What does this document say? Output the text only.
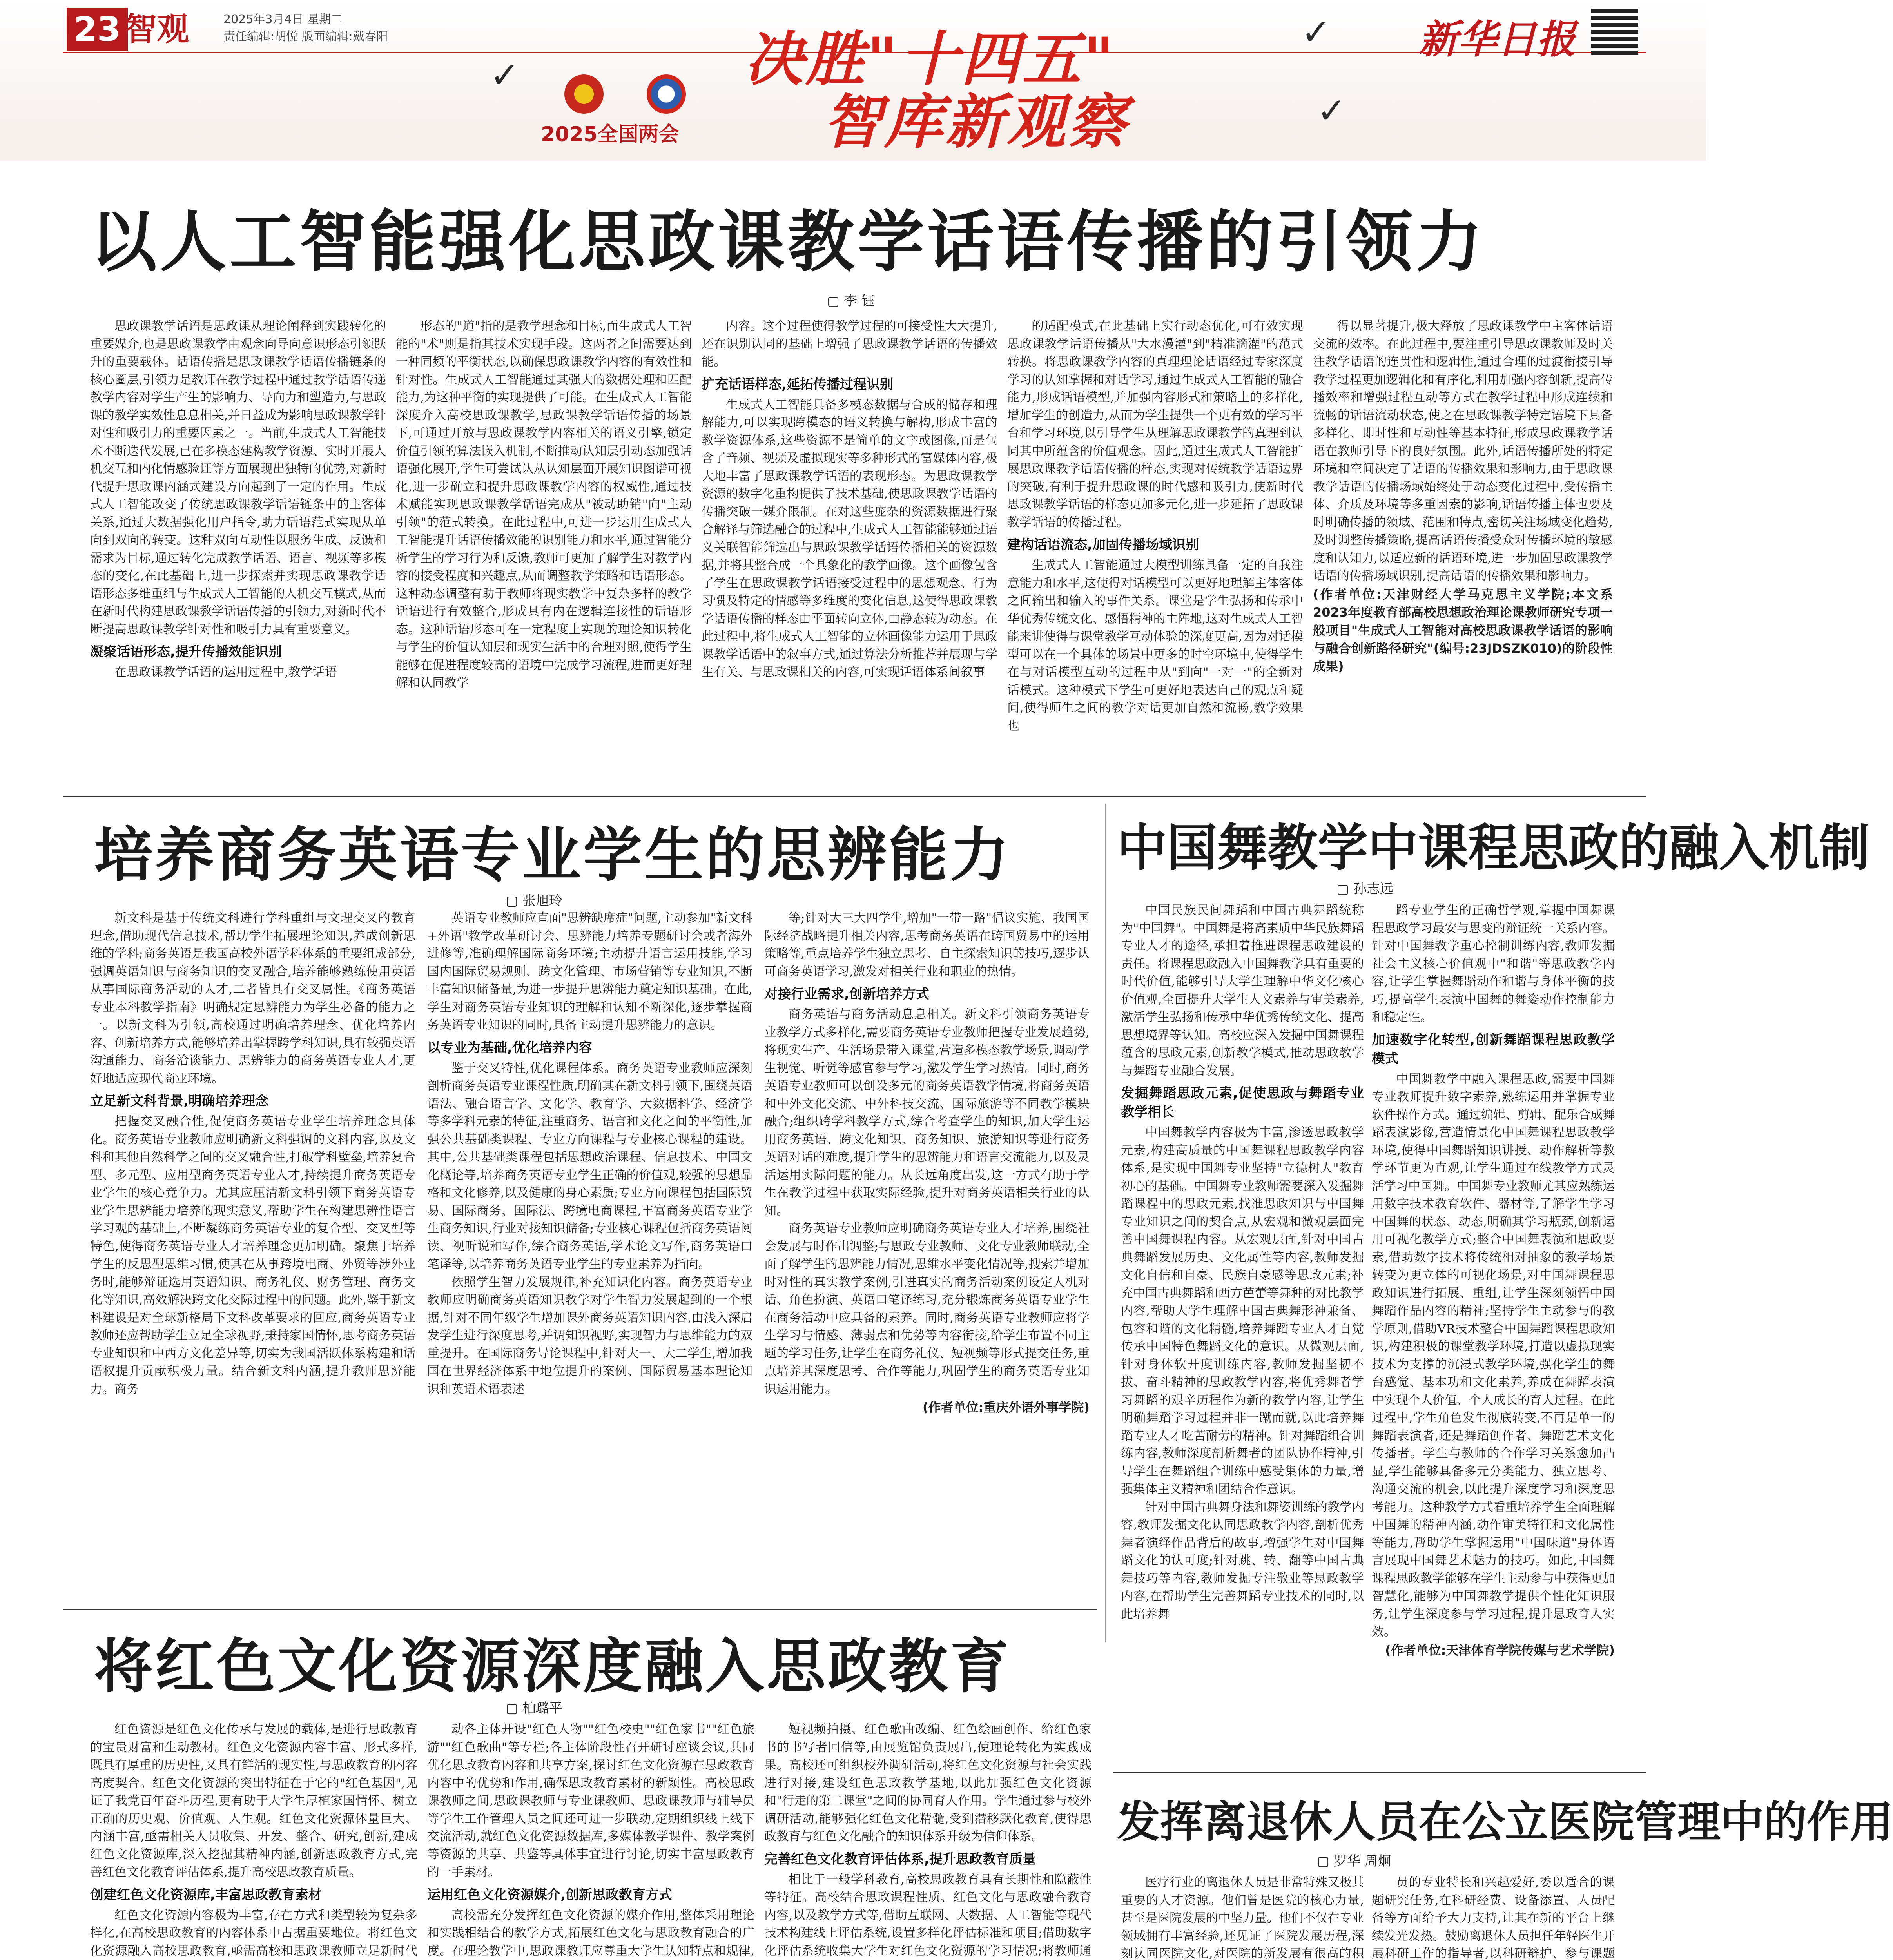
23 智观	2025年3月4日 星期二
责任编辑:胡悦 版面编辑:戴春阳
✓
2025全国两会
决胜"十四五"
智库新观察
✓
✓
新华日报
以人工智能强化思政课教学话语传播的引领力
▢ 李 钰

思政课教学话语是思政课从理论阐释到实践转化的重要媒介,也是思政课教学由观念向导向意识形态引领跃升的重要载体。话语传播是思政课教学话语传播链条的核心圈层,引领力是教师在教学过程中通过教学话语传递教学内容对学生产生的影响力、导向力和塑造力,与思政课的教学实效性息息相关,并日益成为影响思政课教学针对性和吸引力的重要因素之一。当前,生成式人工智能技术不断迭代发展,已在多模态建构教学资源、实时开展人机交互和内化情感验证等方面展现出独特的优势,对新时代提升思政课内涵式建设方向起到了一定的作用。生成式人工智能改变了传统思政课教学话语链条中的主客体关系,通过大数据强化用户指令,助力话语范式实现从单向到双向的转变。这种双向互动性以服务生成、反馈和需求为目标,通过转化完成教学话语、语言、视频等多模态的变化,在此基础上,进一步探索并实现思政课教学话语形态多维重组与生成式人工智能的人机交互模式,从而在新时代构建思政课教学话语传播的引领力,对新时代不断提高思政课教学针对性和吸引力具有重要意义。

凝聚话语形态,提升传播效能识别

在思政课教学话语的运用过程中,教学话语

形态的"道"指的是教学理念和目标,而生成式人工智能的"术"则是指其技术实现手段。这两者之间需要达到一种同频的平衡状态,以确保思政课教学内容的有效性和针对性。生成式人工智能通过其强大的数据处理和匹配能力,为这种平衡的实现提供了可能。在生成式人工智能深度介入高校思政课教学,思政课教学话语传播的场景下,可通过开放与思政课教学内容相关的语义引擎,锁定价值引领的算法嵌入机制,不断推动认知层引动态加强话语强化展开,学生可尝试认从认知层面开展知识图谱可视化,进一步确立和提升思政课教学内容的权威性,通过技术赋能实现思政课教学话语完成从"被动助销"向"主动引领"的范式转换。在此过程中,可进一步运用生成式人工智能提升话语传播效能的识别能力和水平,通过智能分析学生的学习行为和反馈,教师可更加了解学生对教学内容的接受程度和兴趣点,从而调整教学策略和话语形态。这种动态调整有助于教师将现实教学中复杂多样的教学话语进行有效整合,形成具有内在逻辑连接性的话语形态。这种话语形态可在一定程度上实现的理论知识转化与学生的价值认知层和现实生活中的合理对照,使得学生能够在促进程度较高的语境中完成学习流程,进而更好理解和认同教学

内容。这个过程使得教学过程的可接受性大大提升,还在识别认同的基础上增强了思政课教学话语的传播效能。

扩充话语样态,延拓传播过程识别

生成式人工智能具备多模态数据与合成的储存和理解能力,可以实现跨模态的语义转换与解构,形成丰富的教学资源体系,这些资源不是简单的文字或图像,而是包含了音频、视频及虚拟现实等多种形式的富媒体内容,极大地丰富了思政课教学话语的表现形态。为思政课教学资源的数字化重构提供了技术基础,使思政课教学话语的传播突破一媒介限制。在对这些庞杂的资源数据进行聚合解译与筛选融合的过程中,生成式人工智能能够通过语义关联智能筛选出与思政课教学话语传播相关的资源数据,并将其整合成一个具象化的教学画像。这个画像包含了学生在思政课教学话语接受过程中的思想观念、行为习惯及特定的情感等多维度的变化信息,这使得思政课教学话语传播的样态由平面转向立体,由静态转为动态。在此过程中,将生成式人工智能的立体画像能力运用于思政课教学话语中的叙事方式,通过算法分析推荐并展现与学生有关、与思政课相关的内容,可实现话语体系间叙事

的适配模式,在此基础上实行动态优化,可有效实现思政课教学话语传播从"大水漫灌"到"精准滴灌"的范式转换。将思政课教学内容的真理理论话语经过专家深度学习的认知掌握和对话学习,通过生成式人工智能的融合能力,形成话语模型,并加强内容形式和策略上的多样化,增加学生的创造力,从而为学生提供一个更有效的学习平台和学习环境,以引导学生从理解思政课教学的真理到认同其中所蕴含的价值观念。因此,通过生成式人工智能扩展思政课教学话语传播的样态,实现对传统教学话语边界的突破,有利于提升思政课的时代感和吸引力,使新时代思政课教学话语的样态更加多元化,进一步延拓了思政课教学话语的传播过程。

建构话语流态,加固传播场域识别

生成式人工智能通过大模型训练具备一定的自我注意能力和水平,这使得对话模型可以更好地理解主体客体之间输出和输入的事件关系。课堂是学生弘扬和传承中华优秀传统文化、感悟精神的主阵地,这对生成式人工智能来讲使得与课堂教学互动体验的深度更高,因为对话模型可以在一个具体的场景中更多的时空环境中,使得学生在与对话模型互动的过程中从"到向"一对一"的全新对话模式。这种模式下学生可更好地表达自己的观点和疑问,使得师生之间的教学对话更加自然和流畅,教学效果也

得以显著提升,极大释放了思政课教学中主客体话语交流的效率。在此过程中,要注重引导思政课教师及时关注教学话语的连贯性和逻辑性,通过合理的过渡衔接引导教学过程更加逻辑化和有序化,利用加强内容创新,提高传播效率和增强过程互动等方式在教学过程中形成连续和流畅的话语流动状态,使之在思政课教学特定语境下具备多样化、即时性和互动性等基本特征,形成思政课教学话语在教师引导下的良好氛围。此外,话语传播所处的特定环境和空间决定了话语的传播效果和影响力,由于思政课教学话语的传播场域始终处于动态变化过程中,受传播主体、介质及环境等多重因素的影响,话语传播主体也要及时明确传播的领域、范围和特点,密切关注场域变化趋势,及时调整传播策略,提高话语传播受众对传播环境的敏感度和认知力,以适应新的话语环境,进一步加固思政课教学话语的传播场域识别,提高话语的传播效果和影响力。

(作者单位:天津财经大学马克思主义学院;本文系2023年度教育部高校思想政治理论课教师研究专项一般项目"生成式人工智能对高校思政课教学话语的影响与融合创新路径研究"(编号:23JDSZK010)的阶段性成果)
培养商务英语专业学生的思辨能力
▢ 张旭玲

新文科是基于传统文科进行学科重组与文理交叉的教育理念,借助现代信息技术,帮助学生拓展理论知识,养成创新思维的学科;商务英语是我国高校外语学科体系的重要组成部分,强调英语知识与商务知识的交叉融合,培养能够熟练使用英语从事国际商务活动的人才,二者皆具有交叉属性。《商务英语专业本科教学指南》明确规定思辨能力为学生必备的能力之一。以新文科为引领,高校通过明确培养理念、优化培养内容、创新培养方式,能够培养出掌握跨学科知识,具有较强英语沟通能力、商务洽谈能力、思辨能力的商务英语专业人才,更好地适应现代商业环境。

立足新文科背景,明确培养理念

把握交叉融合性,促使商务英语专业学生培养理念具体化。商务英语专业教师应明确新文科强调的文科内容,以及文科和其他自然科学之间的交叉融合性,打破学科壁垒,培养复合型、多元型、应用型商务英语专业人才,持续提升商务英语专业学生的核心竞争力。尤其应厘清新文科引领下商务英语专业学生思辨能力培养的现实意义,帮助学生在构建思辨性语言学习观的基础上,不断凝练商务英语专业的复合型、交叉型等特色,使得商务英语专业人才培养理念更加明确。聚焦于培养学生的反思型思维习惯,使其在从事跨境电商、外贸等涉外业务时,能够辩证选用英语知识、商务礼仪、财务管理、商务文化等知识,高效解决跨文化交际过程中的问题。此外,鉴于新文科建设是对全球新格局下文科改革要求的回应,商务英语专业教师还应帮助学生立足全球视野,秉持家国情怀,思考商务英语专业知识和中西方文化差异等,切实为我国活跃体系构建和话语权提升贡献积极力量。结合新文科内涵,提升教师思辨能力。商务

英语专业教师应直面"思辨缺席症"问题,主动参加"新文科+外语"教学改革研讨会、思辨能力培养专题研讨会或者海外进修等,准确理解国际商务环境;主动提升语言运用技能,学习国内国际贸易规则、跨文化管理、市场营销等专业知识,不断丰富知识储备量,为进一步提升思辨能力奠定知识基础。在此,学生对商务英语专业知识的理解和认知不断深化,逐步掌握商务英语专业知识的同时,具备主动提升思辨能力的意识。

以专业为基础,优化培养内容

鉴于交叉特性,优化课程体系。商务英语专业教师应深刻剖析商务英语专业课程性质,明确其在新文科引领下,围绕英语语法、融合语言学、文化学、教育学、大数据科学、经济学等多学科元素的特征,注重商务、语言和文化之间的平衡性,加强公共基础类课程、专业方向课程与专业核心课程的建设。其中,公共基础类课程包括思想政治课程、信息技术、中国文化概论等,培养商务英语专业学生正确的价值观,较强的思想品格和文化修养,以及健康的身心素质;专业方向课程包括国际贸易、国际商务、国际法、跨境电商课程,丰富商务英语专业学生商务知识,行业对接知识储备;专业核心课程包括商务英语阅读、视听说和写作,综合商务英语,学术论文写作,商务英语口笔译等,以培养商务英语专业学生的专业素养为指向。

依照学生智力发展规律,补充知识化内容。商务英语专业教师应明确商务英语知识教学对学生智力发展起到的一个根据,针对不同年级学生增加课外商务英语知识内容,由浅入深启发学生进行深度思考,并调知识视野,实现智力与思维能力的双重提升。在国际商务导论课程中,针对大一、大二学生,增加我国在世界经济体系中地位提升的案例、国际贸易基本理论知识和英语术语表述

等;针对大三大四学生,增加"一带一路"倡议实施、我国国际经济战略提升相关内容,思考商务英语在跨国贸易中的运用策略等,重点培养学生独立思考、自主探索知识的技巧,逐步认可商务英语学习,激发对相关行业和职业的热情。

对接行业需求,创新培养方式

商务英语与商务活动息息相关。新文科引领商务英语专业教学方式多样化,需要商务英语专业教师把握专业发展趋势,将现实生产、生活场景带入课堂,营造多模态教学场景,调动学生视觉、听觉等感官参与学习,激发学生学习热情。同时,商务英语专业教师可以创设多元的商务英语教学情境,将商务英语和中外文化交流、中外科技交流、国际旅游等不同教学模块融合;组织跨学科教学方式,综合考查学生的知识,加大学生运用商务英语、跨文化知识、商务知识、旅游知识等进行商务英语对话的难度,提升学生的思辨能力和语言交流能力,以及灵活运用实际问题的能力。从长远角度出发,这一方式有助于学生在教学过程中获取实际经验,提升对商务英语相关行业的认知。

商务英语专业教师应明确商务英语专业人才培养,围绕社会发展与时作出调整;与思政专业教师、文化专业教师联动,全面了解学生的思辨能力情况,思维水平变化情况等,搜索并增加时对性的真实教学案例,引进真实的商务活动案例设定人机对话、角色扮演、英语口笔译练习,充分锻炼商务英语专业学生在商务活动中应具备的素养。同时,商务英语专业教师应将学生学习与情感、薄弱点和优势等内容衔接,给学生布置不同主题的学习任务,让学生在商务礼仪、短视频等形式提交任务,重点培养其深度思考、合作等能力,巩固学生的商务英语专业知识运用能力。

(作者单位:重庆外语外事学院)
中国舞教学中课程思政的融入机制
▢ 孙志远

中国民族民间舞蹈和中国古典舞蹈统称为"中国舞"。中国舞是将高素质中华民族舞蹈专业人才的途径,承担着推进课程思政建设的责任。将课程思政融入中国舞教学具有重要的时代价值,能够引导大学生理解中华文化核心价值观,全面提升大学生人文素养与审美素养,激活学生弘扬和传承中华优秀传统文化、提高思想境界等认知。高校应深入发掘中国舞课程蕴含的思政元素,创新教学模式,推动思政教学与舞蹈专业融合发展。

发掘舞蹈思政元素,促使思政与舞蹈专业教学相长

中国舞教学内容极为丰富,渗透思政教学元素,构建高质量的中国舞课程思政教学内容体系,是实现中国舞专业坚持"立德树人"教育初心的基础。中国舞专业教师需要深入发掘舞蹈课程中的思政元素,找准思政知识与中国舞专业知识之间的契合点,从宏观和微观层面完善中国舞课程内容。从宏观层面,针对中国古典舞蹈发展历史、文化属性等内容,教师发掘文化自信和自豪、民族自豪感等思政元素;补充中国古典舞蹈和西方芭蕾等舞种的对比教学内容,帮助大学生理解中国古典舞形神兼备、包容和谐的文化精髓,培养舞蹈专业人才自觉传承中国特色舞蹈文化的意识。从微观层面,针对身体软开度训练内容,教师发掘坚韧不拔、奋斗精神的思政教学内容,将优秀舞者学习舞蹈的艰辛历程作为新的教学内容,让学生明确舞蹈学习过程并非一蹴而就,以此培养舞蹈专业人才吃苦耐劳的精神。针对舞蹈组合训练内容,教师深度剖析舞者的团队协作精神,引导学生在舞蹈组合训练中感受集体的力量,增强集体主义精神和团结合作意识。

针对中国古典舞身法和舞姿训练的教学内容,教师发掘文化认同思政教学内容,剖析优秀舞者演绎作品背后的故事,增强学生对中国舞蹈文化的认可度;针对跳、转、翻等中国古典舞技巧等内容,教师发掘专注敬业等思政教学内容,在帮助学生完善舞蹈专业技术的同时,以此培养舞

蹈专业学生的正确哲学观,掌握中国舞课程思政学习最安与思变的辩证统一关系内容。针对中国舞教学重心控制训练内容,教师发掘社会主义核心价值观中"和谐"等思政教学内容,让学生掌握舞蹈动作和谐与身体平衡的技巧,提高学生表演中国舞的舞姿动作控制能力和稳定性。

加速数字化转型,创新舞蹈课程思政教学模式

中国舞教学中融入课程思政,需要中国舞专业教师提升数字素养,熟练运用并掌握专业软件操作方式。通过编辑、剪辑、配乐合成舞蹈表演影像,营造情景化中国舞课程思政教学环境,使得中国舞蹈知识讲授、动作解析等教学环节更为直观,让学生通过在线教学方式灵活学习中国舞。中国舞专业教师尤其应熟练运用数字技术教育软件、器材等,了解学生学习中国舞的状态、动态,明确其学习瓶颈,创新运用可视化教学方式;整合中国舞表演和思政要素,借助数字技术将传统相对抽象的教学场景转变为更立体的可视化场景,对中国舞课程思政知识进行拓展、重组,让学生深刻领悟中国舞蹈作品内容的精神;坚持学生主动参与的教学原则,借助VR技术整合中国舞蹈课程思政知识,构建积极的课堂教学环境,打造以虚拟现实技术为支撑的沉浸式教学环境,强化学生的舞台感觉、基本功和文化素养,养成在舞蹈表演中实现个人价值、个人成长的育人过程。在此过程中,学生角色发生彻底转变,不再是单一的舞蹈表演者,还是舞蹈创作者、舞蹈艺术文化传播者。学生与教师的合作学习关系愈加凸显,学生能够具备多元分类能力、独立思考、沟通交流的机会,以此提升深度学习和深度思考能力。这种教学方式看重培养学生全面理解中国舞的精神内涵,动作审美特征和文化属性等能力,帮助学生掌握运用"中国味道"身体语言展现中国舞艺术魅力的技巧。如此,中国舞课程思政教学能够在学生主动参与中获得更加智慧化,能够为中国舞教学提供个性化知识服务,让学生深度参与学习过程,提升思政育人实效。

(作者单位:天津体育学院传媒与艺术学院)
将红色文化资源深度融入思政教育
▢ 柏璐平

红色资源是红色文化传承与发展的载体,是进行思政教育的宝贵财富和生动教材。红色文化资源内容丰富、形式多样,既具有厚重的历史性,又具有鲜活的现实性,与思政教育的内容高度契合。红色文化资源的突出特征在于它的"红色基因",见证了我党百年奋斗历程,更有助于大学生厚植家国情怀、树立正确的历史观、价值观、人生观。红色文化资源体量巨大、内涵丰富,亟需相关人员收集、开发、整合、研究,创新,建成红色文化资源库,深入挖掘其精神内涵,创新思政教育方式,完善红色文化教育评估体系,提升高校思政教育质量。

创建红色文化资源库,丰富思政教育素材

红色文化资源内容极为丰富,存在方式和类型较为复杂多样化,在高校思政教育的内容体系中占据重要地位。将红色文化资源融入高校思政教育,亟需高校和思政课教师立足新时代

动各主体开设"红色人物""红色校史""红色家书""红色旅游""红色歌曲"等专栏;各主体阶段性召开研讨座谈会议,共同优化思政教育内容和共享方案,探讨红色文化资源在思政教育内容中的优势和作用,确保思政教育素材的新颖性。高校思政课教师之间,思政课教师与专业课教师、思政课教师与辅导员等学生工作管理人员之间还可进一步联动,定期组织线上线下交流活动,就红色文化资源数据库,多媒体教学课件、教学案例等资源的共享、共鉴等具体事宜进行讨论,切实丰富思政教育的一手素材。

运用红色文化资源媒介,创新思政教育方式

高校需充分发挥红色文化资源的媒介作用,整体采用理论和实践相结合的教学方式,拓展红色文化与思政教育融合的广度。在理论教学中,思政课教师应尊重大学生认知特点和规律,

短视频拍摄、红色歌曲改编、红色绘画创作、给红色家书的书写者回信等,由展览馆负责展出,使理论转化为实践成果。高校还可组织校外调研活动,将红色文化资源与社会实践进行对接,建设红色思政教学基地,以此加强红色文化资源和"行走的第二课堂"之间的协同育人作用。学生通过参与校外调研活动,能够强化红色文化精髓,受到潜移默化教育,使得思政教育与红色文化融合的知识体系升级为信仰体系。

完善红色文化教育评估体系,提升思政教育质量

相比于一般学科教育,高校思政教育具有长期性和隐蔽性等特征。高校结合思政课程性质、红色文化与思政融合教育内容,以及教学方式等,借助互联网、大数据、人工智能等现代技术构建线上评估系统,设置多样化评估标准和项目;借助数字化评估系统收集大学生对红色文化资源的学习情况;将教师通

发挥离退休人员在公立医院管理中的作用
▢ 罗华 周炯

医疗行业的离退休人员是非常特殊又极其重要的人才资源。他们曾是医院的核心力量,甚至是医院发展的中坚力量。他们不仅在专业领域拥有丰富经验,还见证了医院发展历程,深刻认同医院文化,对医院的新发展有很高的积

员的专业特长和兴趣爱好,委以适合的课题研究任务,在科研经费、设备添置、人员配备等方面给予大力支持,让其在新的平台上继续发光发热。鼓励离退休人员担任年轻医生开展科研工作的指导者,以科研辩护、参与课题
